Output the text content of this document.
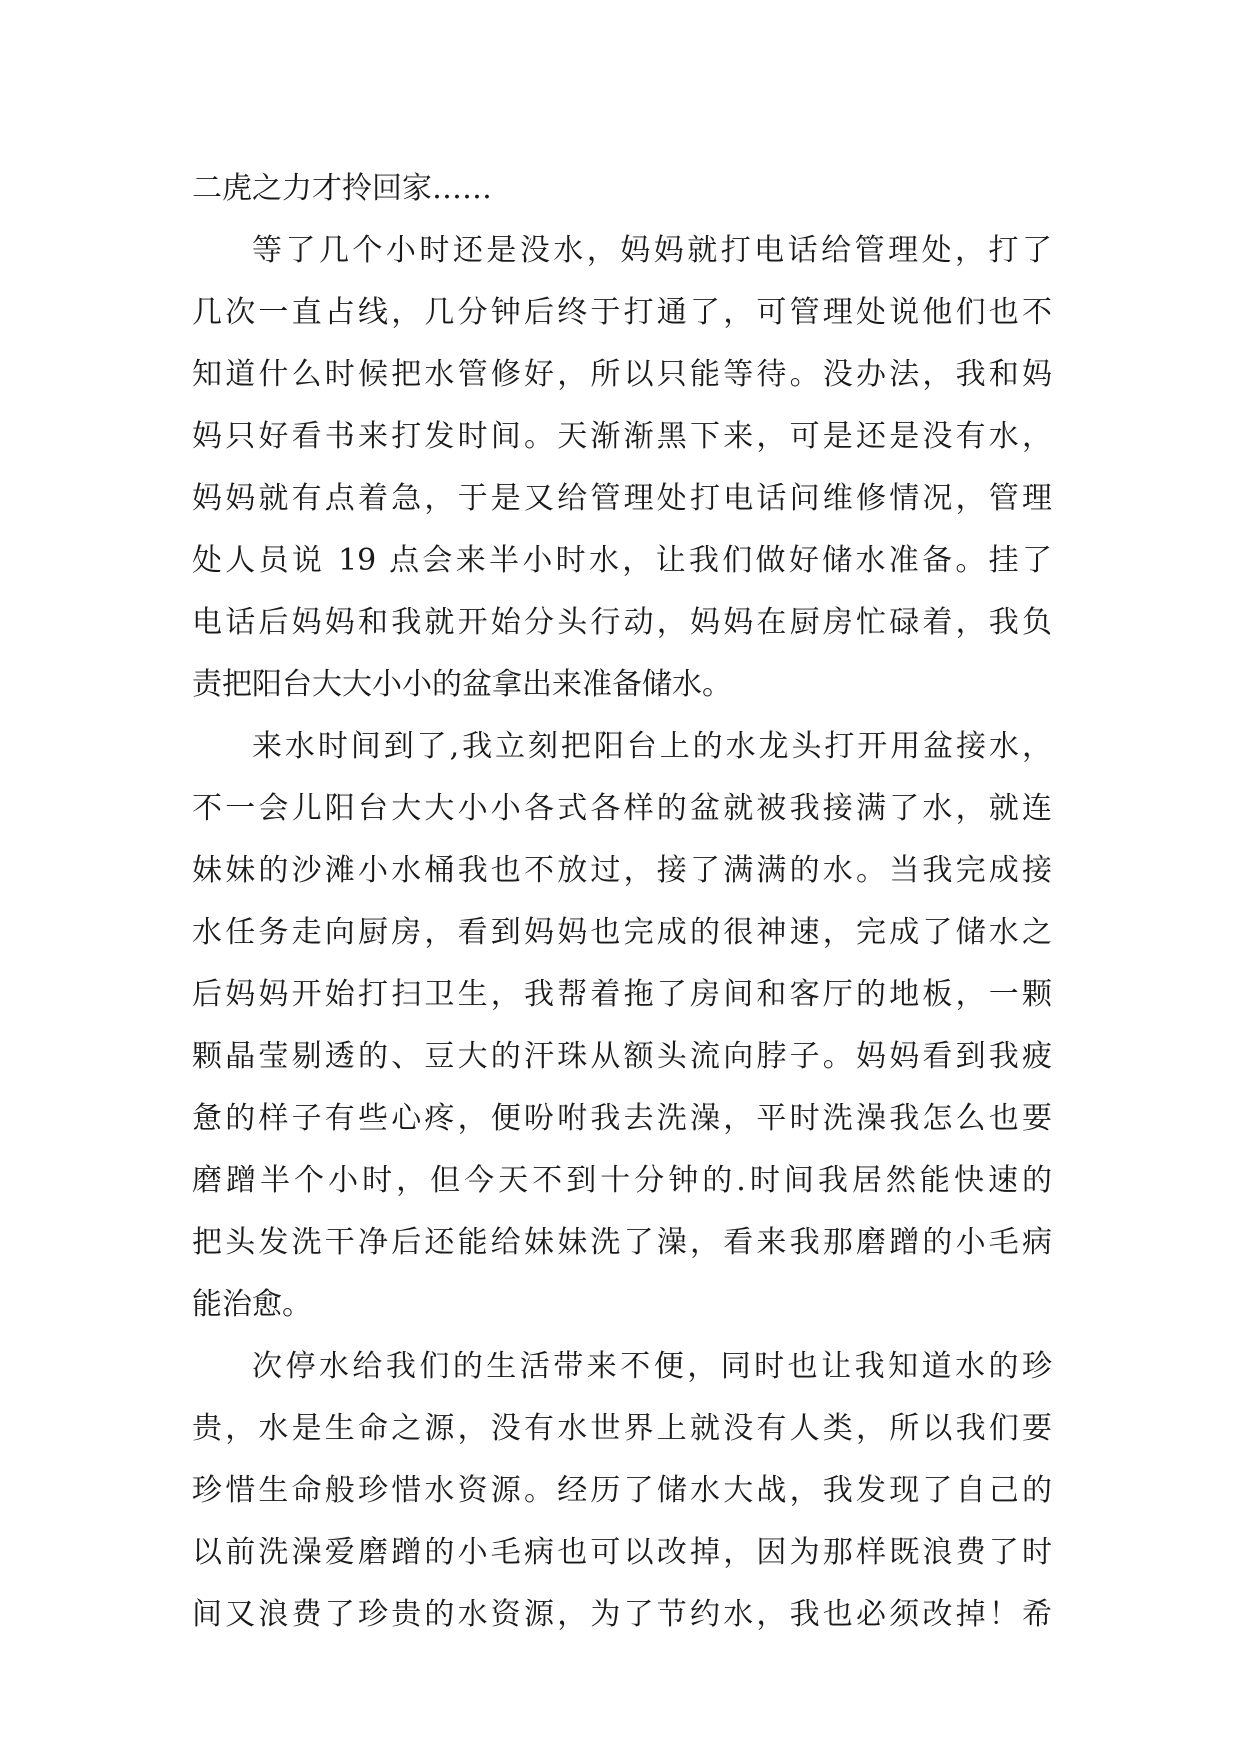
二虎之力才拎回家……
等了几个小时还是没水，妈妈就打电话给管理处，打了
几次一直占线，几分钟后终于打通了，可管理处说他们也不
知道什么时候把水管修好，所以只能等待。没办法，我和妈
妈只好看书来打发时间。天渐渐黑下来，可是还是没有水，
妈妈就有点着急，于是又给管理处打电话问维修情况，管理
处人员说 19 点会来半小时水，让我们做好储水准备。挂了
电话后妈妈和我就开始分头行动，妈妈在厨房忙碌着，我负
责把阳台大大小小的盆拿出来准备储水。
来水时间到了,我立刻把阳台上的水龙头打开用盆接水，
不一会儿阳台大大小小各式各样的盆就被我接满了水，就连
妹妹的沙滩小水桶我也不放过，接了满满的水。当我完成接
水任务走向厨房，看到妈妈也完成的很神速，完成了储水之
后妈妈开始打扫卫生，我帮着拖了房间和客厅的地板，一颗
颗晶莹剔透的、豆大的汗珠从额头流向脖子。妈妈看到我疲
惫的样子有些心疼，便吩咐我去洗澡，平时洗澡我怎么也要
磨蹭半个小时，但今天不到十分钟的.时间我居然能快速的
把头发洗干净后还能给妹妹洗了澡，看来我那磨蹭的小毛病
能治愈。
次停水给我们的生活带来不便，同时也让我知道水的珍
贵，水是生命之源，没有水世界上就没有人类，所以我们要
珍惜生命般珍惜水资源。经历了储水大战，我发现了自己的
以前洗澡爱磨蹭的小毛病也可以改掉，因为那样既浪费了时
间又浪费了珍贵的水资源，为了节约水，我也必须改掉！希
